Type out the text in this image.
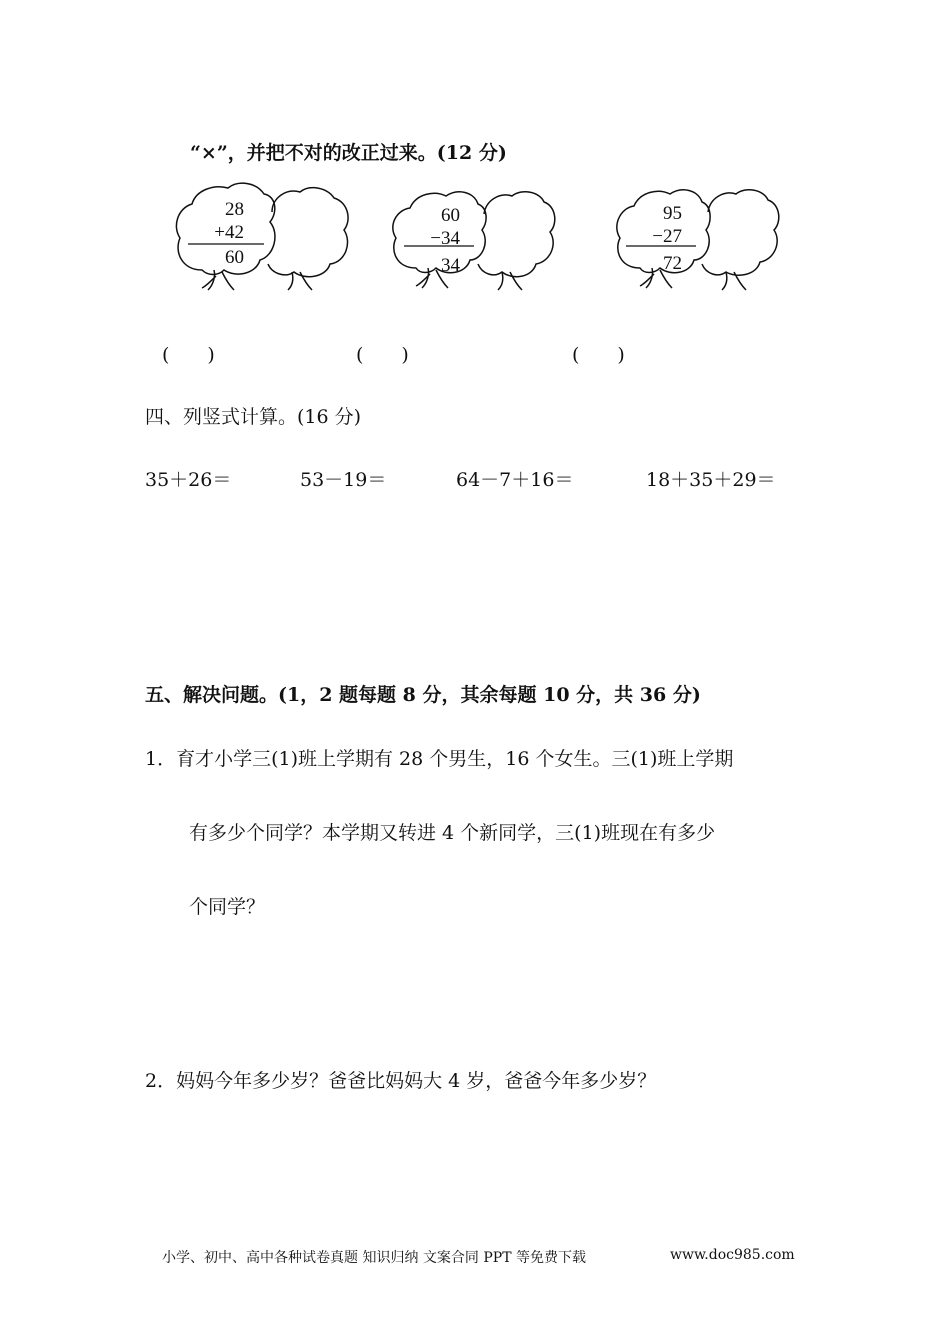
“×”，并把不对的改正过来。(12 分)
28
+42
60
60
−34
34
95
−27
72
(　　)	(　　)	(　　)
四、列竖式计算。(16 分)
35＋26＝	53－19＝	64－7＋16＝	18＋35＋29＝
五、解决问题。(1，2 题每题 8 分，其余每题 10 分，共 36 分)
1．育才小学三(1)班上学期有 28 个男生，16 个女生。三(1)班上学期
有多少个同学？本学期又转进 4 个新同学，三(1)班现在有多少
个同学？
2．妈妈今年多少岁？爸爸比妈妈大 4 岁，爸爸今年多少岁？
小学、初中、高中各种试卷真题 知识归纳 文案合同 PPT 等免费下载	www.doc985.com
